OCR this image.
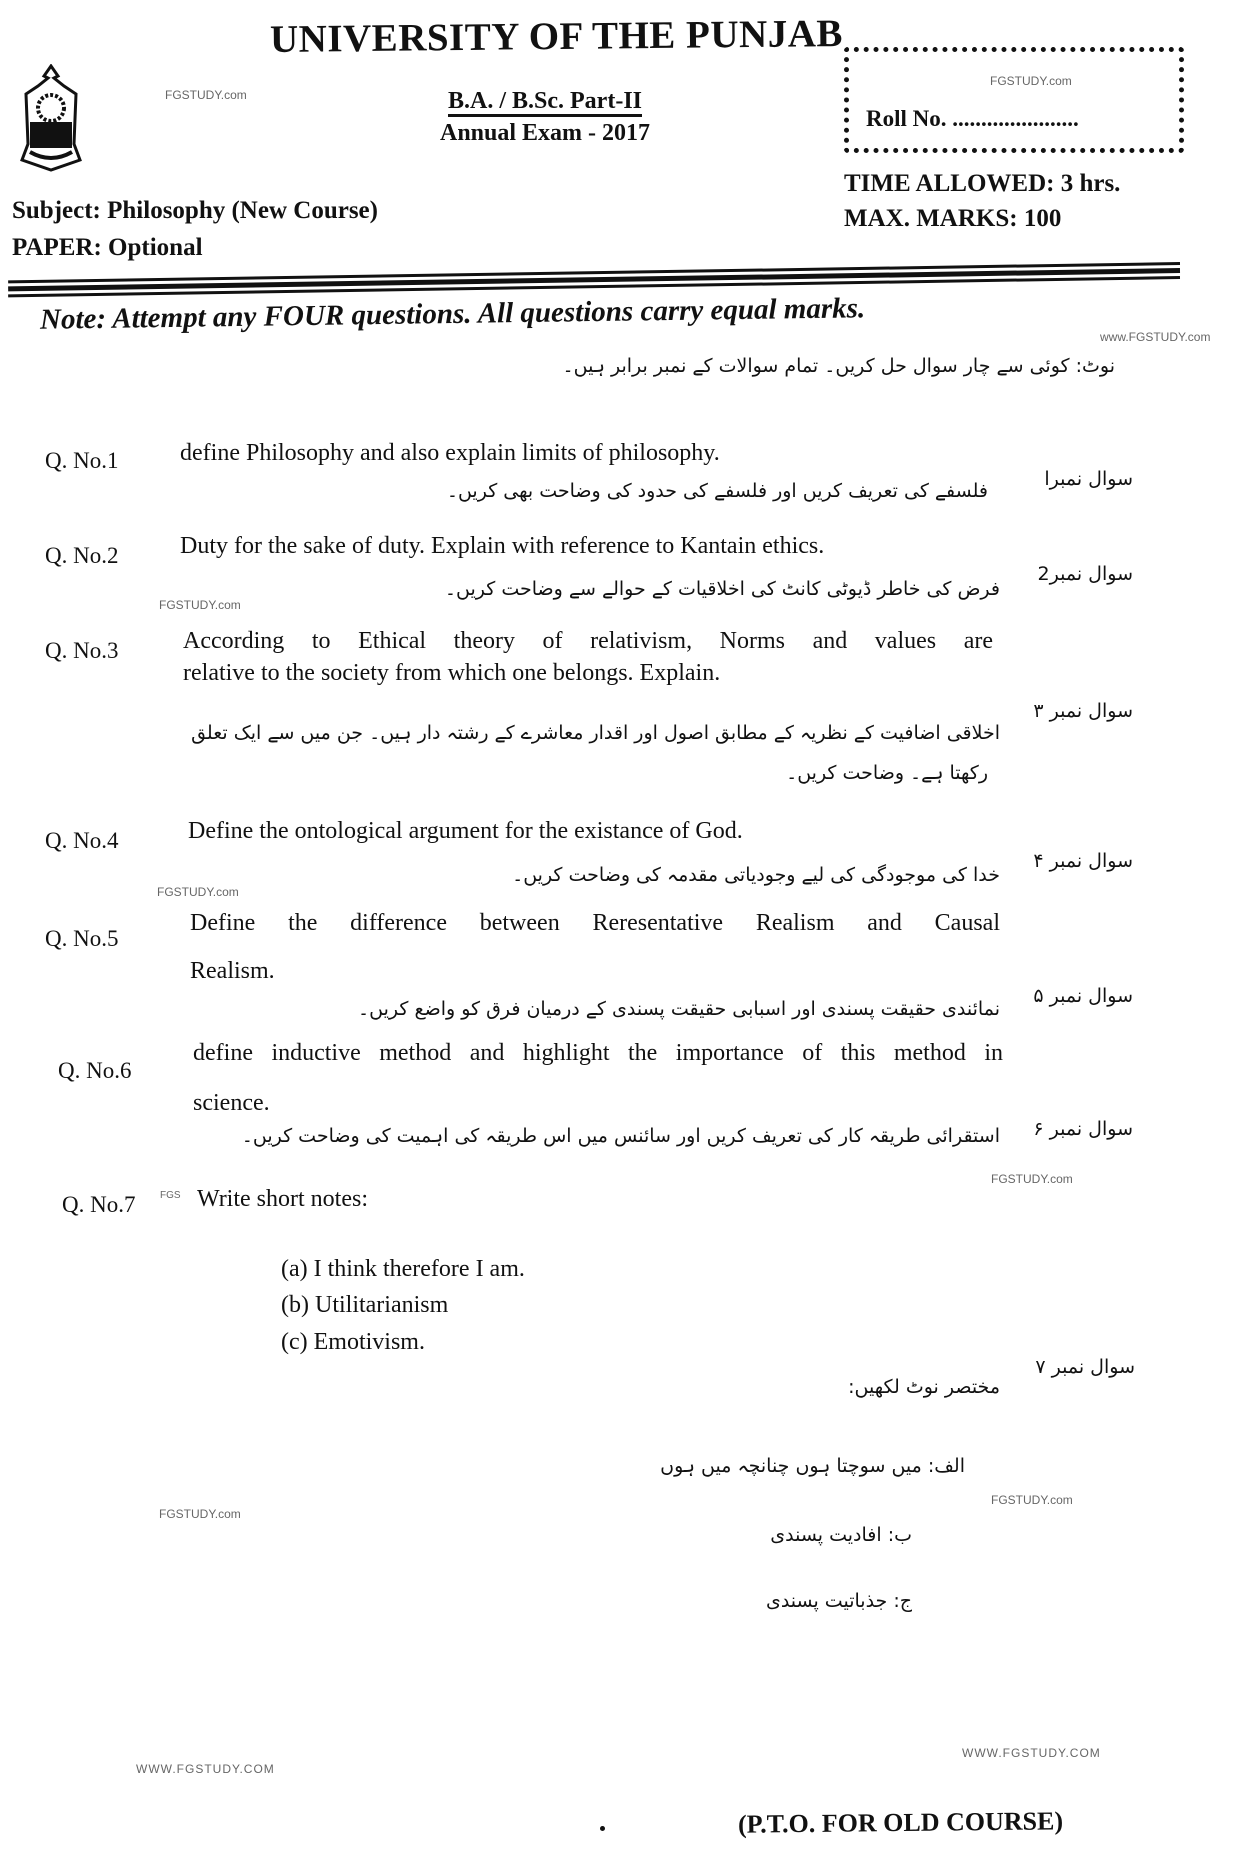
UNIVERSITY OF THE PUNJAB
FGSTUDY.com	B.A. / B.Sc. Part-II
Annual Exam - 2017
FGSTUDY.com
Roll No. ......................
TIME ALLOWED: 3 hrs.
MAX. MARKS: 100
Subject: Philosophy (New Course)
PAPER: Optional
Note: Attempt any FOUR questions. All questions carry equal marks.
www.FGSTUDY.com
نوٹ: کوئی سے چار سوال حل کریں۔ تمام سوالات کے نمبر برابر ہیں۔
Q. No.1	define Philosophy and also explain limits of philosophy.
سوال نمبرا
فلسفے کی تعریف کریں اور فلسفے کی حدود کی وضاحت بھی کریں۔
Q. No.2	Duty for the sake of duty. Explain with reference to Kantain ethics.
سوال نمبر2
فرض کی خاطر ڈیوٹی کانٹ کی اخلاقیات کے حوالے سے وضاحت کریں۔
FGSTUDY.com
Q. No.3	According to Ethical theory of relativism, Norms and values are
relative to the society from which one belongs. Explain.
سوال نمبر ۳
اخلاقی اضافیت کے نظریہ کے مطابق اصول اور اقدار معاشرے کے رشتہ دار ہیں۔ جن میں سے ایک تعلق
رکھتا ہے۔ وضاحت کریں۔
Q. No.4	Define the ontological argument for the existance of God.
سوال نمبر ۴
خدا کی موجودگی کی لیے وجودیاتی مقدمہ کی وضاحت کریں۔
FGSTUDY.com
Q. No.5
Define the difference between Reresentative Realism and Causal
Realism.
سوال نمبر ۵
نمائندی حقیقت پسندی اور اسبابی حقیقت پسندی کے درمیان فرق کو واضع کریں۔
Q. No.6
define inductive method and highlight the importance of this method in
science.
سوال نمبر ۶
استقرائی طریقہ کار کی تعریف کریں اور سائنس میں اس طریقہ کی اہمیت کی وضاحت کریں۔
FGSTUDY.com
Q. No.7 FGS Write short notes:
(a) I think therefore I am.
(b) Utilitarianism
(c) Emotivism.
سوال نمبر ۷
مختصر نوٹ لکھیں:
الف: میں سوچتا ہوں چنانچہ میں ہوں
FGSTUDY.com
ب: افادیت پسندی
ج: جذباتیت پسندی
FGSTUDY.com
WWW.FGSTUDY.COM
WWW.FGSTUDY.COM
(P.T.O. FOR OLD COURSE)
